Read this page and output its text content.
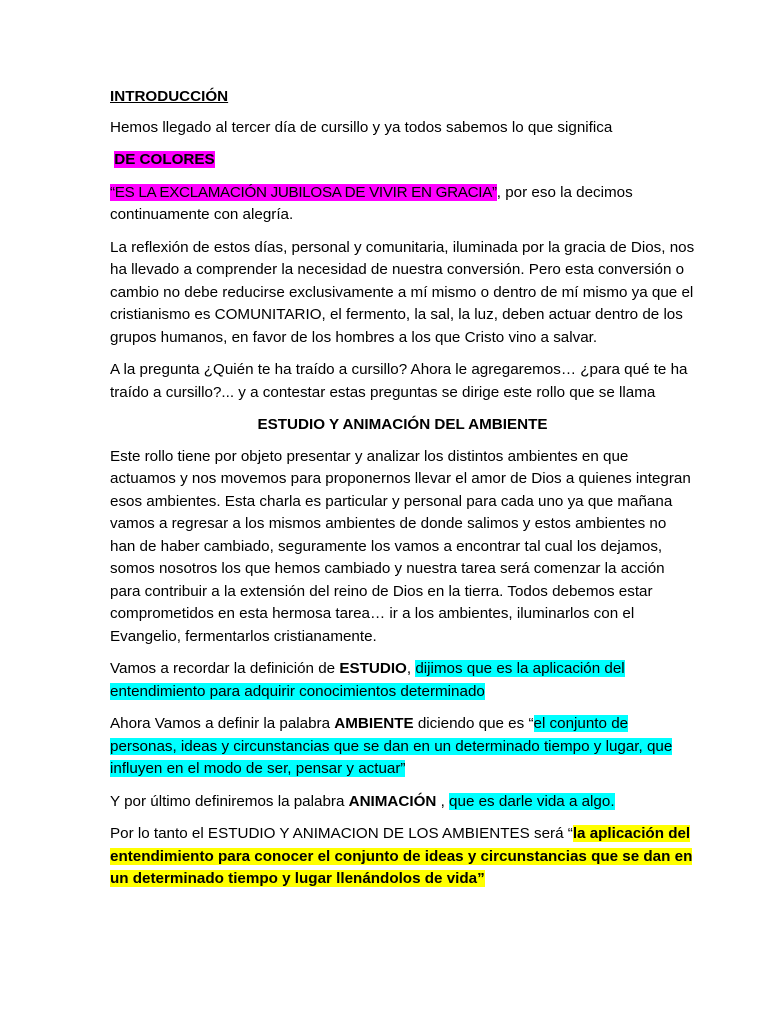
INTRODUCCIÓN

Hemos llegado al tercer día de cursillo y ya todos sabemos lo que significa

DE COLORES

“ES LA EXCLAMACIÓN JUBILOSA DE VIVIR EN GRACIA”, por eso la decimos continuamente con alegría.

La reflexión de estos días, personal y comunitaria, iluminada por la gracia de Dios, nos ha llevado a comprender la necesidad de nuestra conversión. Pero esta conversión o cambio no debe reducirse exclusivamente a mí mismo o dentro de mí mismo ya que el cristianismo es COMUNITARIO, el fermento, la sal, la luz, deben actuar dentro de los grupos humanos, en favor de los hombres a los que Cristo vino a salvar.

A la pregunta ¿Quién te ha traído a cursillo? Ahora le agregaremos… ¿para qué te ha traído a cursillo?... y a contestar estas preguntas se dirige este rollo que se llama

ESTUDIO Y ANIMACIÓN DEL AMBIENTE

Este rollo tiene por objeto presentar y analizar los distintos ambientes en que actuamos y nos movemos para proponernos llevar el amor de Dios a quienes integran esos ambientes. Esta charla es particular y personal para cada uno ya que mañana vamos a regresar a los mismos ambientes de donde salimos y estos ambientes no han de haber cambiado, seguramente los vamos a encontrar tal cual los dejamos, somos nosotros los que hemos cambiado y nuestra tarea será comenzar la acción para contribuir a la extensión del reino de Dios en la tierra. Todos debemos estar comprometidos en esta hermosa tarea… ir a los ambientes, iluminarlos con el Evangelio, fermentarlos cristianamente.

Vamos a recordar la definición de ESTUDIO, dijimos que es la aplicación del entendimiento para adquirir conocimientos determinado

Ahora Vamos a definir la palabra AMBIENTE diciendo que es “el conjunto de personas, ideas y circunstancias que se dan en un determinado tiempo y lugar, que influyen en el modo de ser, pensar y actuar”

Y por último definiremos la palabra ANIMACIÓN , que es darle vida a algo.

Por lo tanto el ESTUDIO Y ANIMACION DE LOS AMBIENTES será “la aplicación del entendimiento para conocer el conjunto de ideas y circunstancias que se dan en un determinado tiempo y lugar llenándolos de vida”
